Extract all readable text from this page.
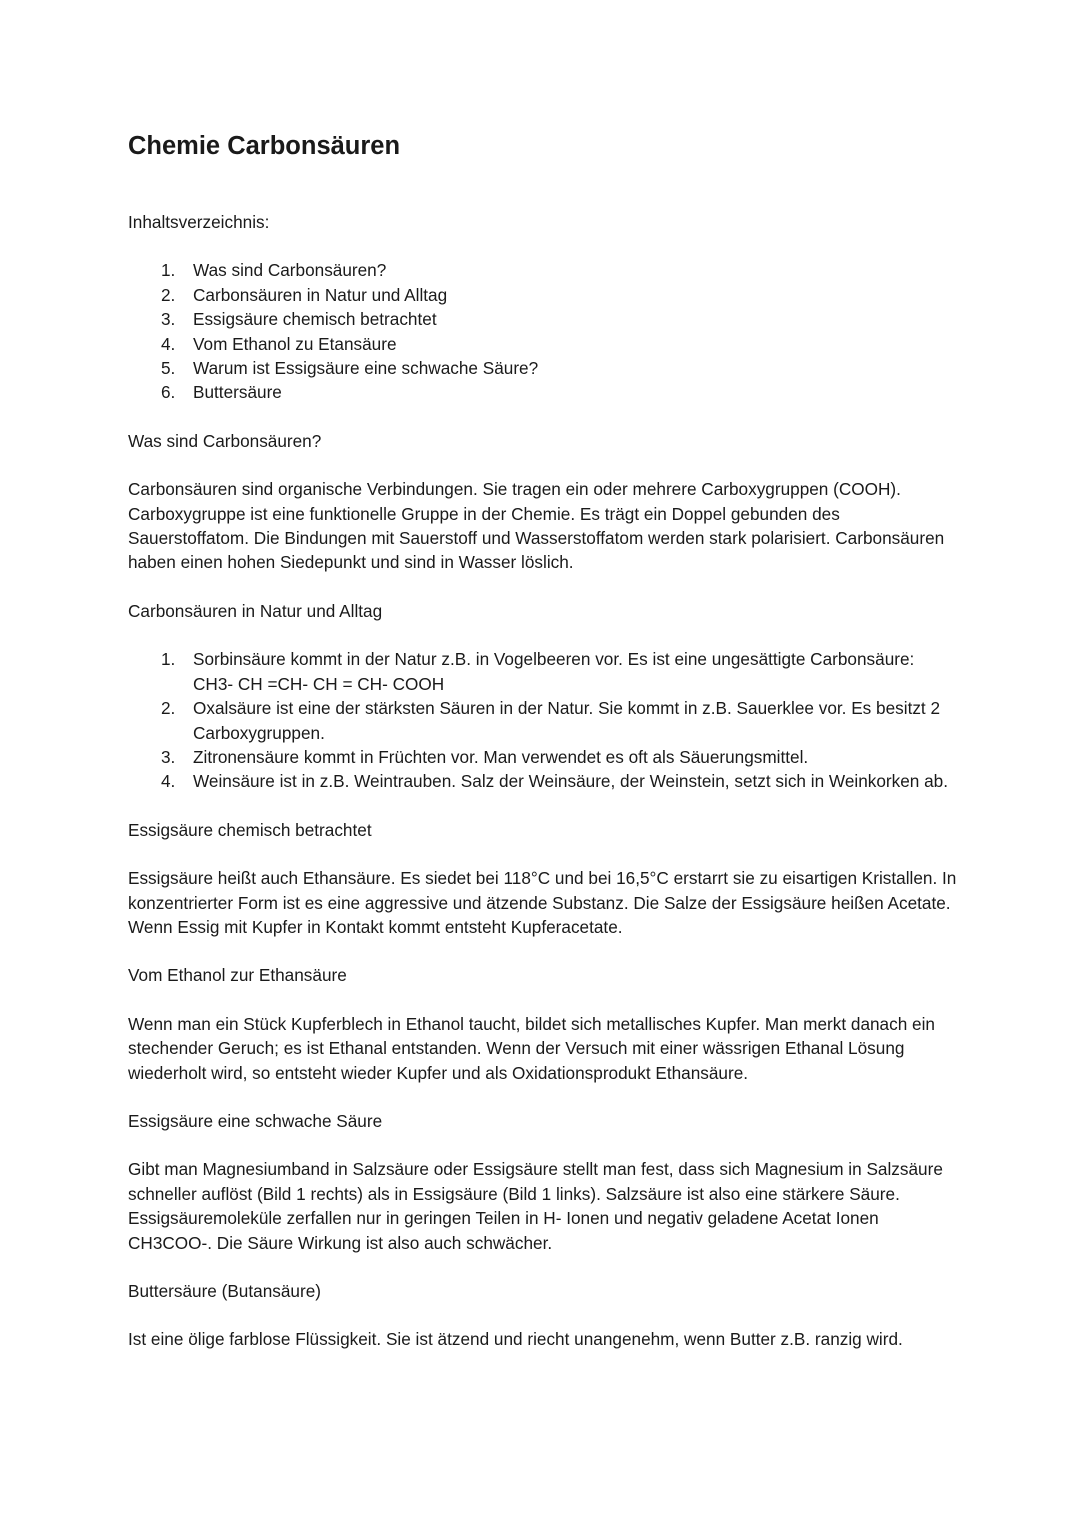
Chemie Carbonsäuren

Inhaltsverzeichnis:

1. Was sind Carbonsäuren?
2. Carbonsäuren in Natur und Alltag
3. Essigsäure chemisch betrachtet
4. Vom Ethanol zu Etansäure
5. Warum ist Essigsäure eine schwache Säure?
6. Buttersäure

Was sind Carbonsäuren?

Carbonsäuren sind organische Verbindungen. Sie tragen ein oder mehrere Carboxygruppen (COOH). Carboxygruppe ist eine funktionelle Gruppe in der Chemie. Es trägt ein Doppel gebunden des Sauerstoffatom. Die Bindungen mit Sauerstoff und Wasserstoffatom werden stark polarisiert. Carbonsäuren haben einen hohen Siedepunkt und sind in Wasser löslich.

Carbonsäuren in Natur und Alltag

1. Sorbinsäure kommt in der Natur z.B. in Vogelbeeren vor. Es ist eine ungesättigte Carbonsäure: CH3- CH =CH- CH = CH- COOH
2. Oxalsäure ist eine der stärksten Säuren in der Natur. Sie kommt in z.B. Sauerklee vor. Es besitzt 2 Carboxygruppen.
3. Zitronensäure kommt in Früchten vor. Man verwendet es oft als Säuerungsmittel.
4. Weinsäure ist in z.B. Weintrauben. Salz der Weinsäure, der Weinstein, setzt sich in Weinkorken ab.

Essigsäure chemisch betrachtet

Essigsäure heißt auch Ethansäure. Es siedet bei 118°C und bei 16,5°C erstarrt sie zu eisartigen Kristallen. In konzentrierter Form ist es eine aggressive und ätzende Substanz. Die Salze der Essigsäure heißen Acetate. Wenn Essig mit Kupfer in Kontakt kommt entsteht Kupferacetate.

Vom Ethanol zur Ethansäure

Wenn man ein Stück Kupferblech in Ethanol taucht, bildet sich metallisches Kupfer. Man merkt danach ein stechender Geruch; es ist Ethanal entstanden. Wenn der Versuch mit einer wässrigen Ethanal Lösung wiederholt wird, so entsteht wieder Kupfer und als Oxidationsprodukt Ethansäure.

Essigsäure eine schwache Säure

Gibt man Magnesiumband in Salzsäure oder Essigsäure stellt man fest, dass sich Magnesium in Salzsäure schneller auflöst (Bild 1 rechts) als in Essigsäure (Bild 1 links). Salzsäure ist also eine stärkere Säure. Essigsäuremoleküle zerfallen nur in geringen Teilen in H- Ionen und negativ geladene Acetat Ionen CH3COO-. Die Säure Wirkung ist also auch schwächer.

Buttersäure (Butansäure)

Ist eine ölige farblose Flüssigkeit. Sie ist ätzend und riecht unangenehm, wenn Butter z.B. ranzig wird.
